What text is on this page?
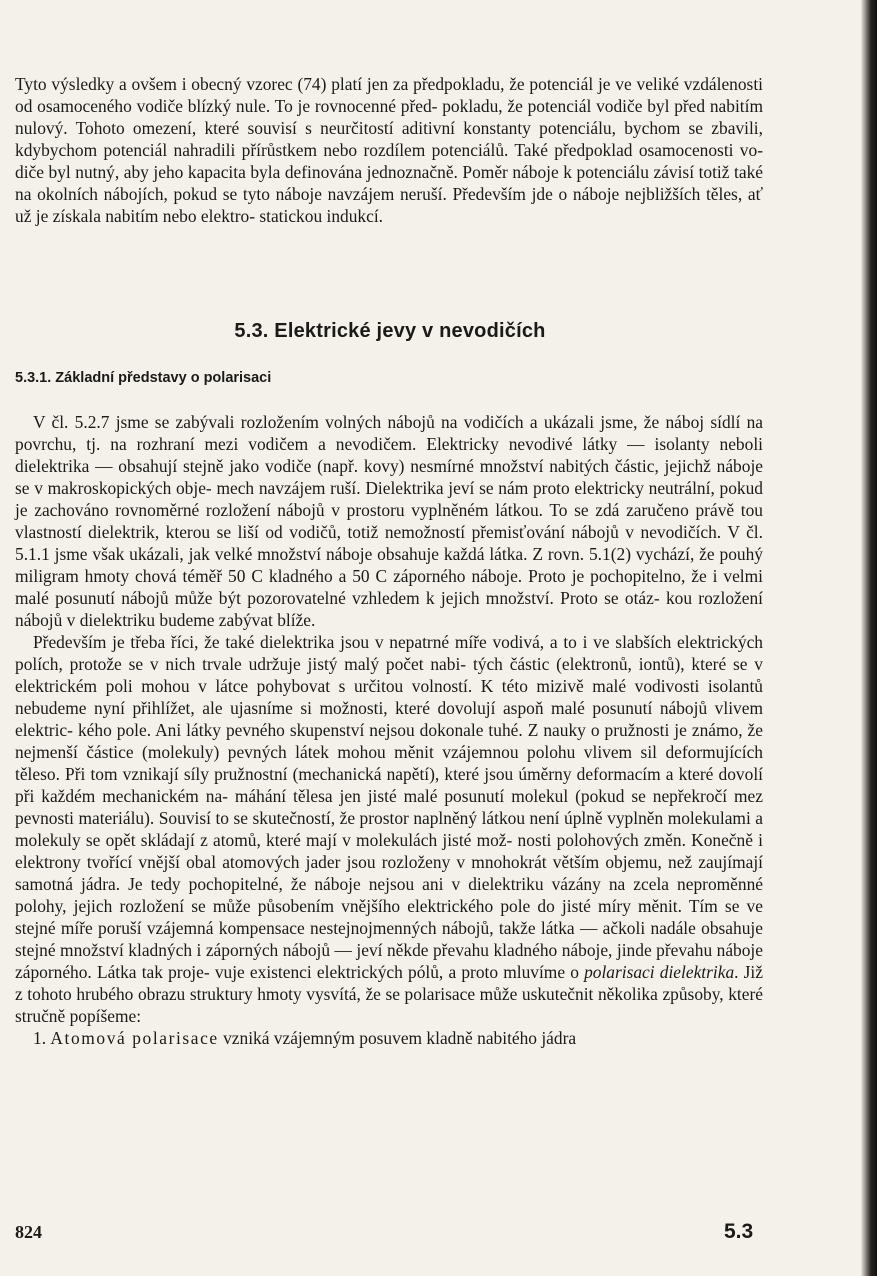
Tyto výsledky a ovšem i obecný vzorec (74) platí jen za předpokladu, že potenciál je ve veliké vzdálenosti od osamoceného vodiče blízký nule. To je rovnocenné před- pokladu, že potenciál vodiče byl před nabitím nulový. Tohoto omezení, které souvisí s neurčitostí aditivní konstanty potenciálu, bychom se zbavili, kdybychom potenciál nahradili přírůstkem nebo rozdílem potenciálů. Také předpoklad osamocenosti vo- diče byl nutný, aby jeho kapacita byla definována jednoznačně. Poměr náboje k potenciálu závisí totiž také na okolních nábojích, pokud se tyto náboje navzájem neruší. Především jde o náboje nejbližších těles, ať už je získala nabitím nebo elektro- statickou indukcí.

5.3. Elektrické jevy v nevodičích
5.3.1. Základní představy o polarisaci

V čl. 5.2.7 jsme se zabývali rozložením volných nábojů na vodičích a ukázali jsme, že náboj sídlí na povrchu, tj. na rozhraní mezi vodičem a nevodičem. Elektricky nevodivé látky — isolanty neboli dielektrika — obsahují stejně jako vodiče (např. kovy) nesmírné množství nabitých částic, jejichž náboje se v makroskopických obje- mech navzájem ruší. Dielektrika jeví se nám proto elektricky neutrální, pokud je zachováno rovnoměrné rozložení nábojů v prostoru vyplněném látkou. To se zdá zaručeno právě tou vlastností dielektrik, kterou se liší od vodičů, totiž nemožností přemisťování nábojů v nevodičích. V čl. 5.1.1 jsme však ukázali, jak velké množství náboje obsahuje každá látka. Z rovn. 5.1(2) vychází, že pouhý miligram hmoty chová téměř 50 C kladného a 50 C záporného náboje. Proto je pochopitelno, že i velmi malé posunutí nábojů může být pozorovatelné vzhledem k jejich množství. Proto se otáz- kou rozložení nábojů v dielektriku budeme zabývat blíže.

Především je třeba říci, že také dielektrika jsou v nepatrné míře vodivá, a to i ve slabších elektrických polích, protože se v nich trvale udržuje jistý malý počet nabi- tých částic (elektronů, iontů), které se v elektrickém poli mohou v látce pohybovat s určitou volností. K této mizivě malé vodivosti isolantů nebudeme nyní přihlížet, ale ujasníme si možnosti, které dovolují aspoň malé posunutí nábojů vlivem elektric- kého pole. Ani látky pevného skupenství nejsou dokonale tuhé. Z nauky o pružnosti je známo, že nejmenší částice (molekuly) pevných látek mohou měnit vzájemnou polohu vlivem sil deformujících těleso. Při tom vznikají síly pružnostní (mechanická napětí), které jsou úměrny deformacím a které dovolí při každém mechanickém na- máhání tělesa jen jisté malé posunutí molekul (pokud se nepřekročí mez pevnosti materiálu). Souvisí to se skutečností, že prostor naplněný látkou není úplně vyplněn molekulami a molekuly se opět skládají z atomů, které mají v molekulách jisté mož- nosti polohových změn. Konečně i elektrony tvořící vnější obal atomových jader jsou rozloženy v mnohokrát větším objemu, než zaujímají samotná jádra. Je tedy pochopitelné, že náboje nejsou ani v dielektriku vázány na zcela neproměnné polohy, jejich rozložení se může působením vnějšího elektrického pole do jisté míry měnit. Tím se ve stejné míře poruší vzájemná kompensace nestejnojmenných nábojů, takže látka — ačkoli nadále obsahuje stejné množství kladných i záporných nábojů — jeví někde převahu kladného náboje, jinde převahu náboje záporného. Látka tak proje- vuje existenci elektrických pólů, a proto mluvíme o polarisaci dielektrika. Již z tohoto hrubého obrazu struktury hmoty vysvítá, že se polarisace může uskutečnit několika způsoby, které stručně popíšeme:

1. Atomová polarisace vzniká vzájemným posuvem kladně nabitého jádra

824	5.3
